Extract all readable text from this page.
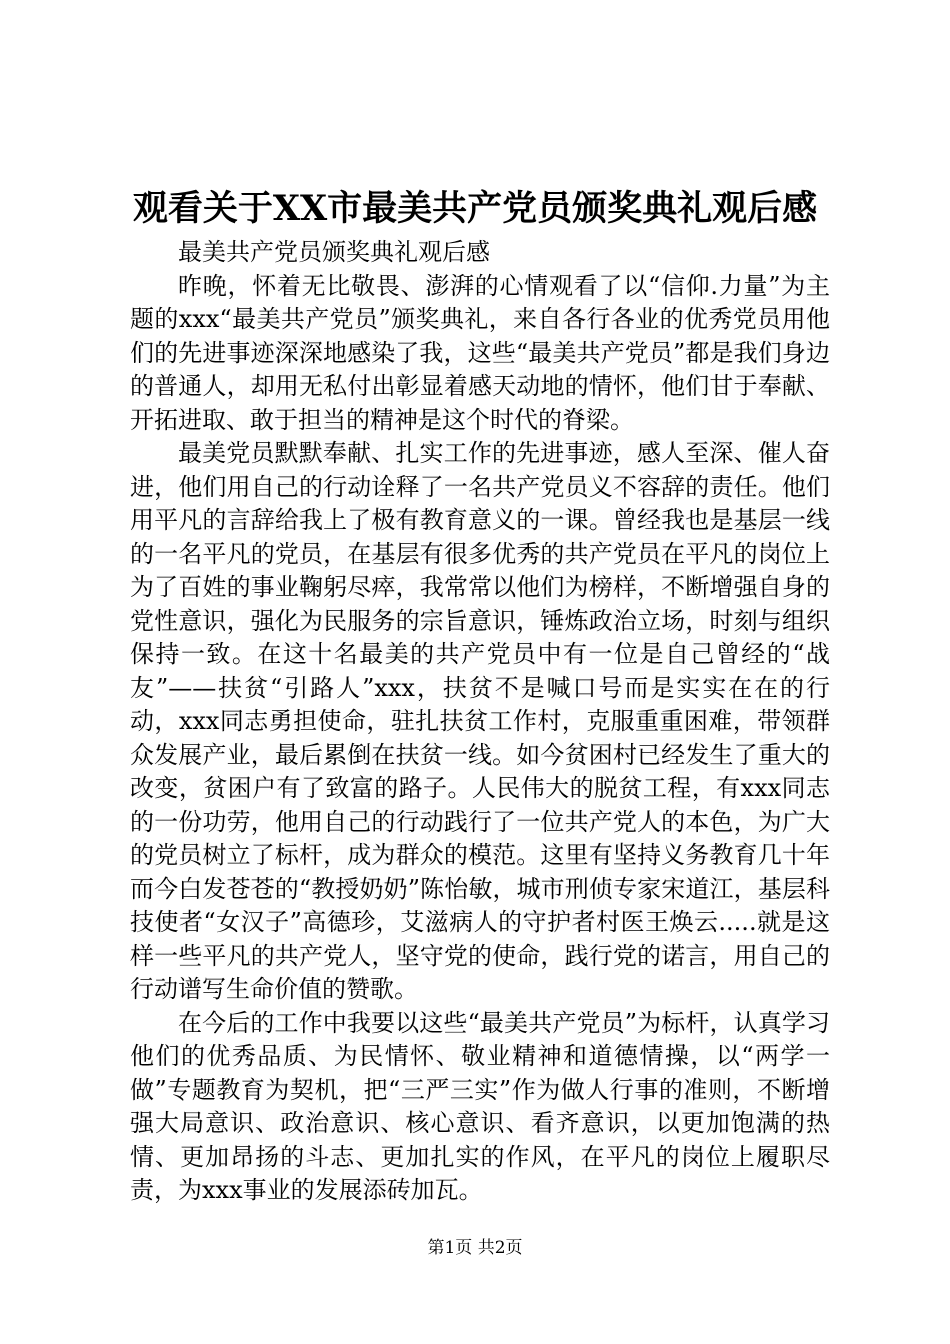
观看关于XX市最美共产党员颁奖典礼观后感

最美共产党员颁奖典礼观后感

昨晚，怀着无比敬畏、澎湃的心情观看了以“信仰.力量”为主题的xxx“最美共产党员”颁奖典礼，来自各行各业的优秀党员用他们的先进事迹深深地感染了我，这些“最美共产党员”都是我们身边的普通人，却用无私付出彰显着感天动地的情怀，他们甘于奉献、开拓进取、敢于担当的精神是这个时代的脊梁。

最美党员默默奉献、扎实工作的先进事迹，感人至深、催人奋进，他们用自己的行动诠释了一名共产党员义不容辞的责任。他们用平凡的言辞给我上了极有教育意义的一课。曾经我也是基层一线的一名平凡的党员，在基层有很多优秀的共产党员在平凡的岗位上为了百姓的事业鞠躬尽瘁，我常常以他们为榜样，不断增强自身的党性意识，强化为民服务的宗旨意识，锤炼政治立场，时刻与组织保持一致。在这十名最美的共产党员中有一位是自己曾经的“战友”——扶贫“引路人”xxx，扶贫不是喊口号而是实实在在的行动，xxx同志勇担使命，驻扎扶贫工作村，克服重重困难，带领群众发展产业，最后累倒在扶贫一线。如今贫困村已经发生了重大的改变，贫困户有了致富的路子。人民伟大的脱贫工程，有xxx同志的一份功劳，他用自己的行动践行了一位共产党人的本色，为广大的党员树立了标杆，成为群众的模范。这里有坚持义务教育几十年而今白发苍苍的“教授奶奶”陈怡敏，城市刑侦专家宋道江，基层科技使者“女汉子”高德珍，艾滋病人的守护者村医王焕云.....就是这样一些平凡的共产党人，坚守党的使命，践行党的诺言，用自己的行动谱写生命价值的赞歌。

在今后的工作中我要以这些“最美共产党员”为标杆，认真学习他们的优秀品质、为民情怀、敬业精神和道德情操，以“两学一做”专题教育为契机，把“三严三实”作为做人行事的准则，不断增强大局意识、政治意识、核心意识、看齐意识，以更加饱满的热情、更加昂扬的斗志、更加扎实的作风，在平凡的岗位上履职尽责，为xxx事业的发展添砖加瓦。

第1页 共2页
